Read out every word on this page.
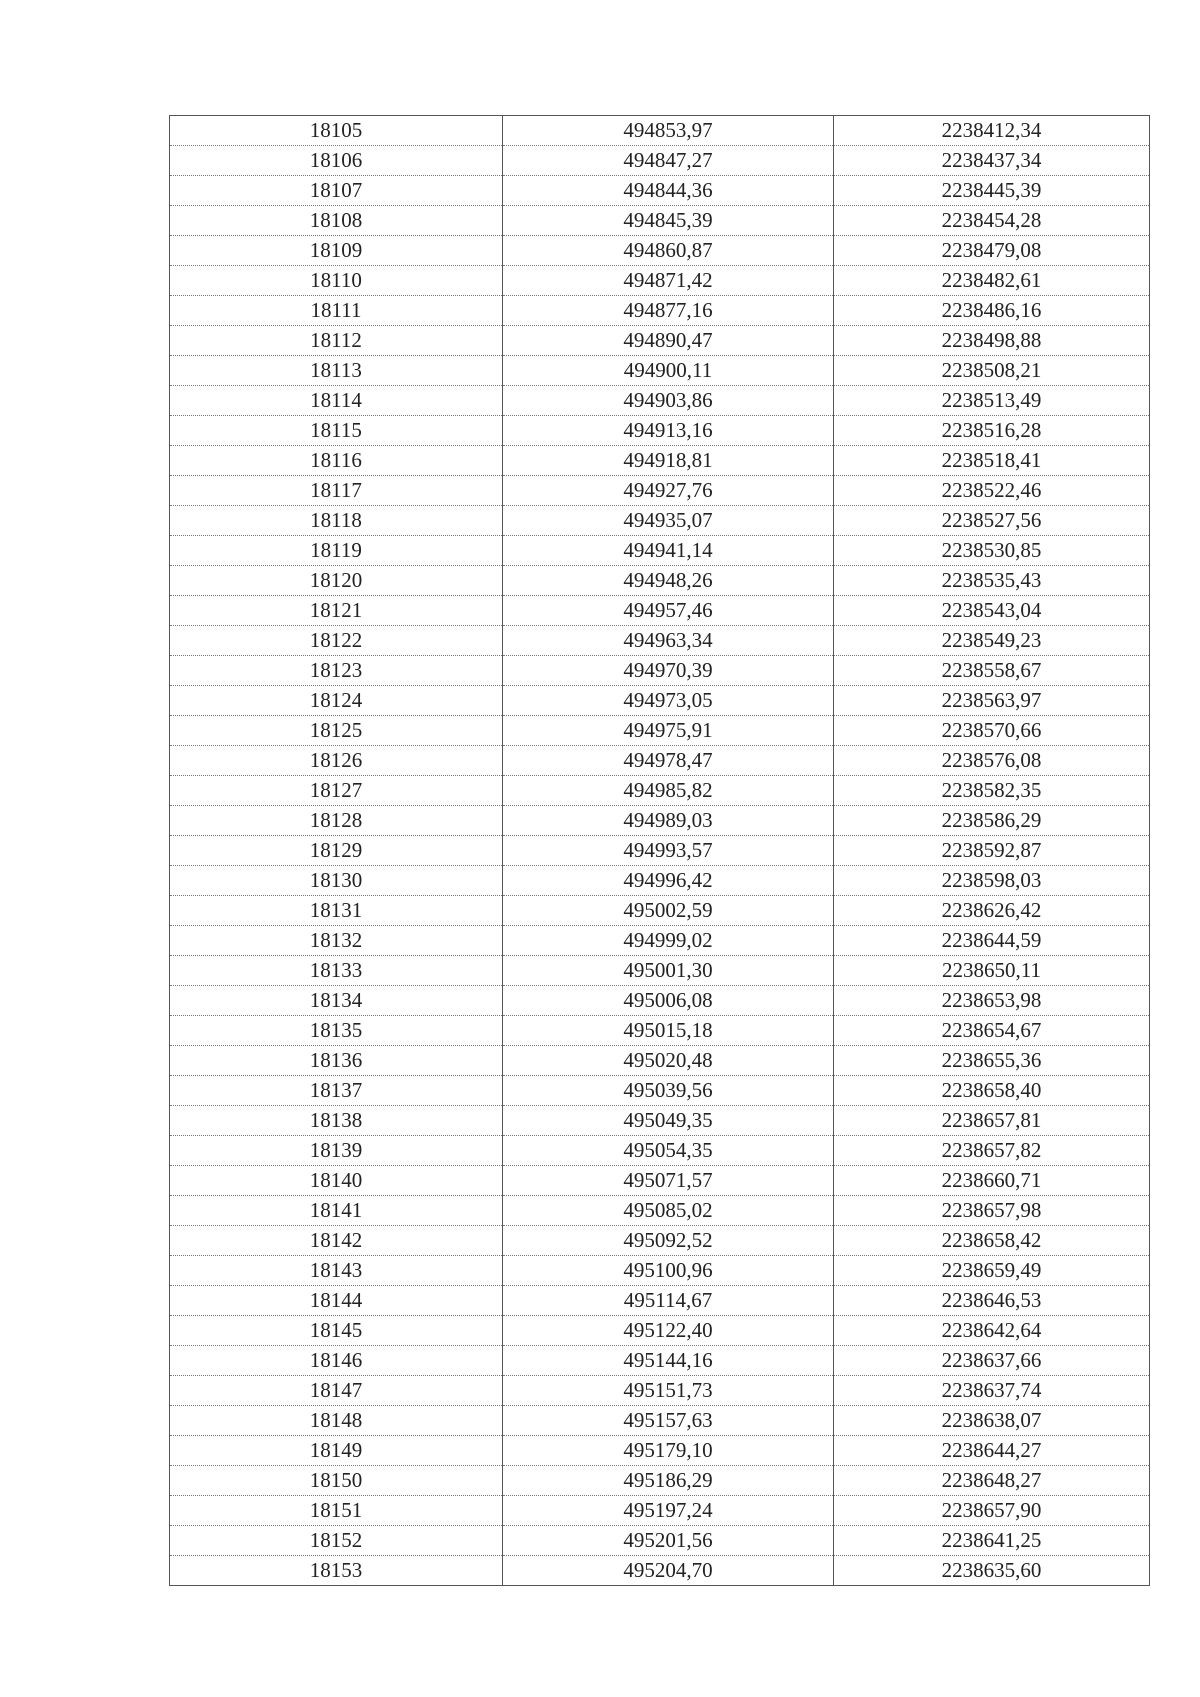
18105	494853,97	2238412,34
18106	494847,27	2238437,34
18107	494844,36	2238445,39
18108	494845,39	2238454,28
18109	494860,87	2238479,08
18110	494871,42	2238482,61
18111	494877,16	2238486,16
18112	494890,47	2238498,88
18113	494900,11	2238508,21
18114	494903,86	2238513,49
18115	494913,16	2238516,28
18116	494918,81	2238518,41
18117	494927,76	2238522,46
18118	494935,07	2238527,56
18119	494941,14	2238530,85
18120	494948,26	2238535,43
18121	494957,46	2238543,04
18122	494963,34	2238549,23
18123	494970,39	2238558,67
18124	494973,05	2238563,97
18125	494975,91	2238570,66
18126	494978,47	2238576,08
18127	494985,82	2238582,35
18128	494989,03	2238586,29
18129	494993,57	2238592,87
18130	494996,42	2238598,03
18131	495002,59	2238626,42
18132	494999,02	2238644,59
18133	495001,30	2238650,11
18134	495006,08	2238653,98
18135	495015,18	2238654,67
18136	495020,48	2238655,36
18137	495039,56	2238658,40
18138	495049,35	2238657,81
18139	495054,35	2238657,82
18140	495071,57	2238660,71
18141	495085,02	2238657,98
18142	495092,52	2238658,42
18143	495100,96	2238659,49
18144	495114,67	2238646,53
18145	495122,40	2238642,64
18146	495144,16	2238637,66
18147	495151,73	2238637,74
18148	495157,63	2238638,07
18149	495179,10	2238644,27
18150	495186,29	2238648,27
18151	495197,24	2238657,90
18152	495201,56	2238641,25
18153	495204,70	2238635,60
